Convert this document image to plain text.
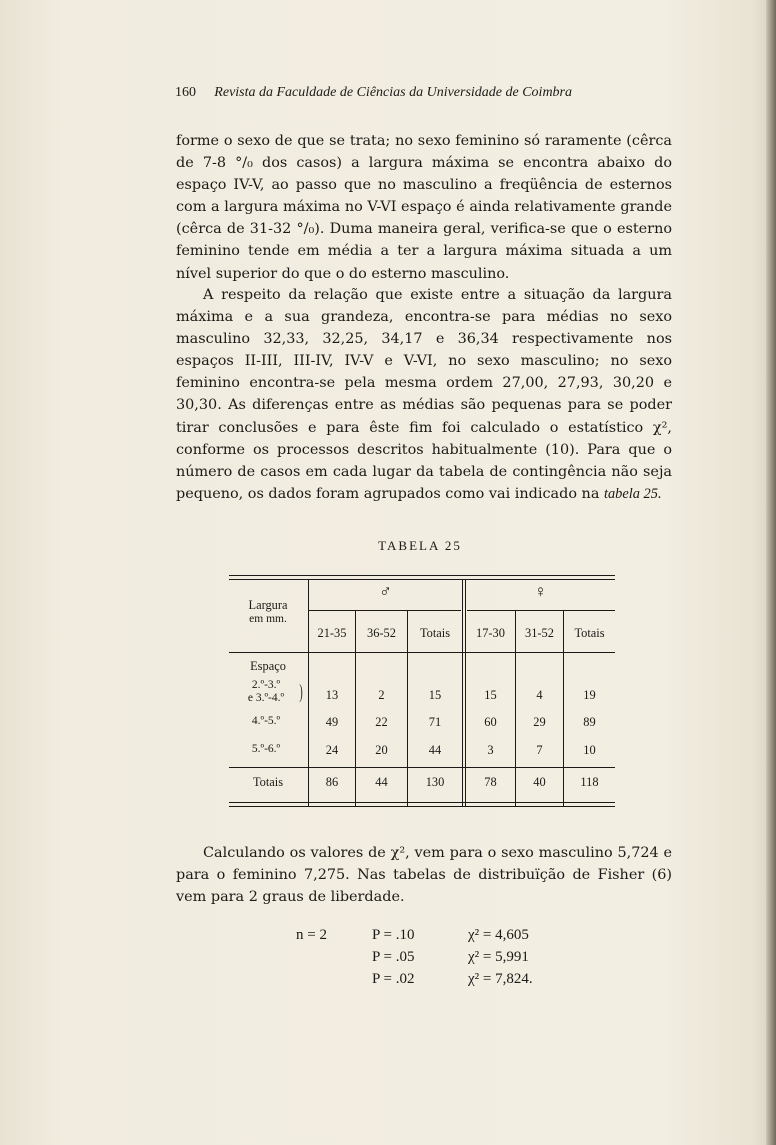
160 Revista da Faculdade de Ciências da Universidade de Coimbra
forme o sexo de que se trata; no sexo feminino só raramente (cêrca de 7-8 °/₀ dos casos) a largura máxima se encontra abaixo do espaço IV-V, ao passo que no masculino a freqüência de esternos com a largura máxima no V-VI espaço é ainda relativamente grande (cêrca de 31-32 °/₀). Duma maneira geral, verifica-se que o esterno feminino tende em média a ter a largura máxima situada a um nível superior do que o do esterno masculino.
A respeito da relação que existe entre a situação da largura máxima e a sua grandeza, encontra-se para médias no sexo masculino 32,33, 32,25, 34,17 e 36,34 respectivamente nos espaços II-III, III-IV, IV-V e V-VI, no sexo masculino; no sexo feminino encontra-se pela mesma ordem 27,00, 27,93, 30,20 e 30,30. As diferenças entre as médias são pequenas para se poder tirar conclusões e para êste fim foi calculado o estatístico χ², conforme os processos descritos habitualmente (10). Para que o número de casos em cada lugar da tabela de contingência não seja pequeno, os dados foram agrupados como vai indicado na tabela 25.
TABELA 25
Largura
em mm.
♂	♀
21-35	36-52	Totais	17-30	31-52	Totais
Espaço
2.º-3.º
e 3.º-4.º )	13	2	15	15	4	19
4.º-5.º	49	22	71	60	29	89
5.º-6.º	24	20	44	3	7	10
Totais	86	44	130	78	40	118
Calculando os valores de χ², vem para o sexo masculino 5,724 e para o feminino 7,275. Nas tabelas de distribuïção de Fisher (6) vem para 2 graus de liberdade.
n = 2	P = .10	χ² = 4,605
P = .05	χ² = 5,991
P = .02	χ² = 7,824.
